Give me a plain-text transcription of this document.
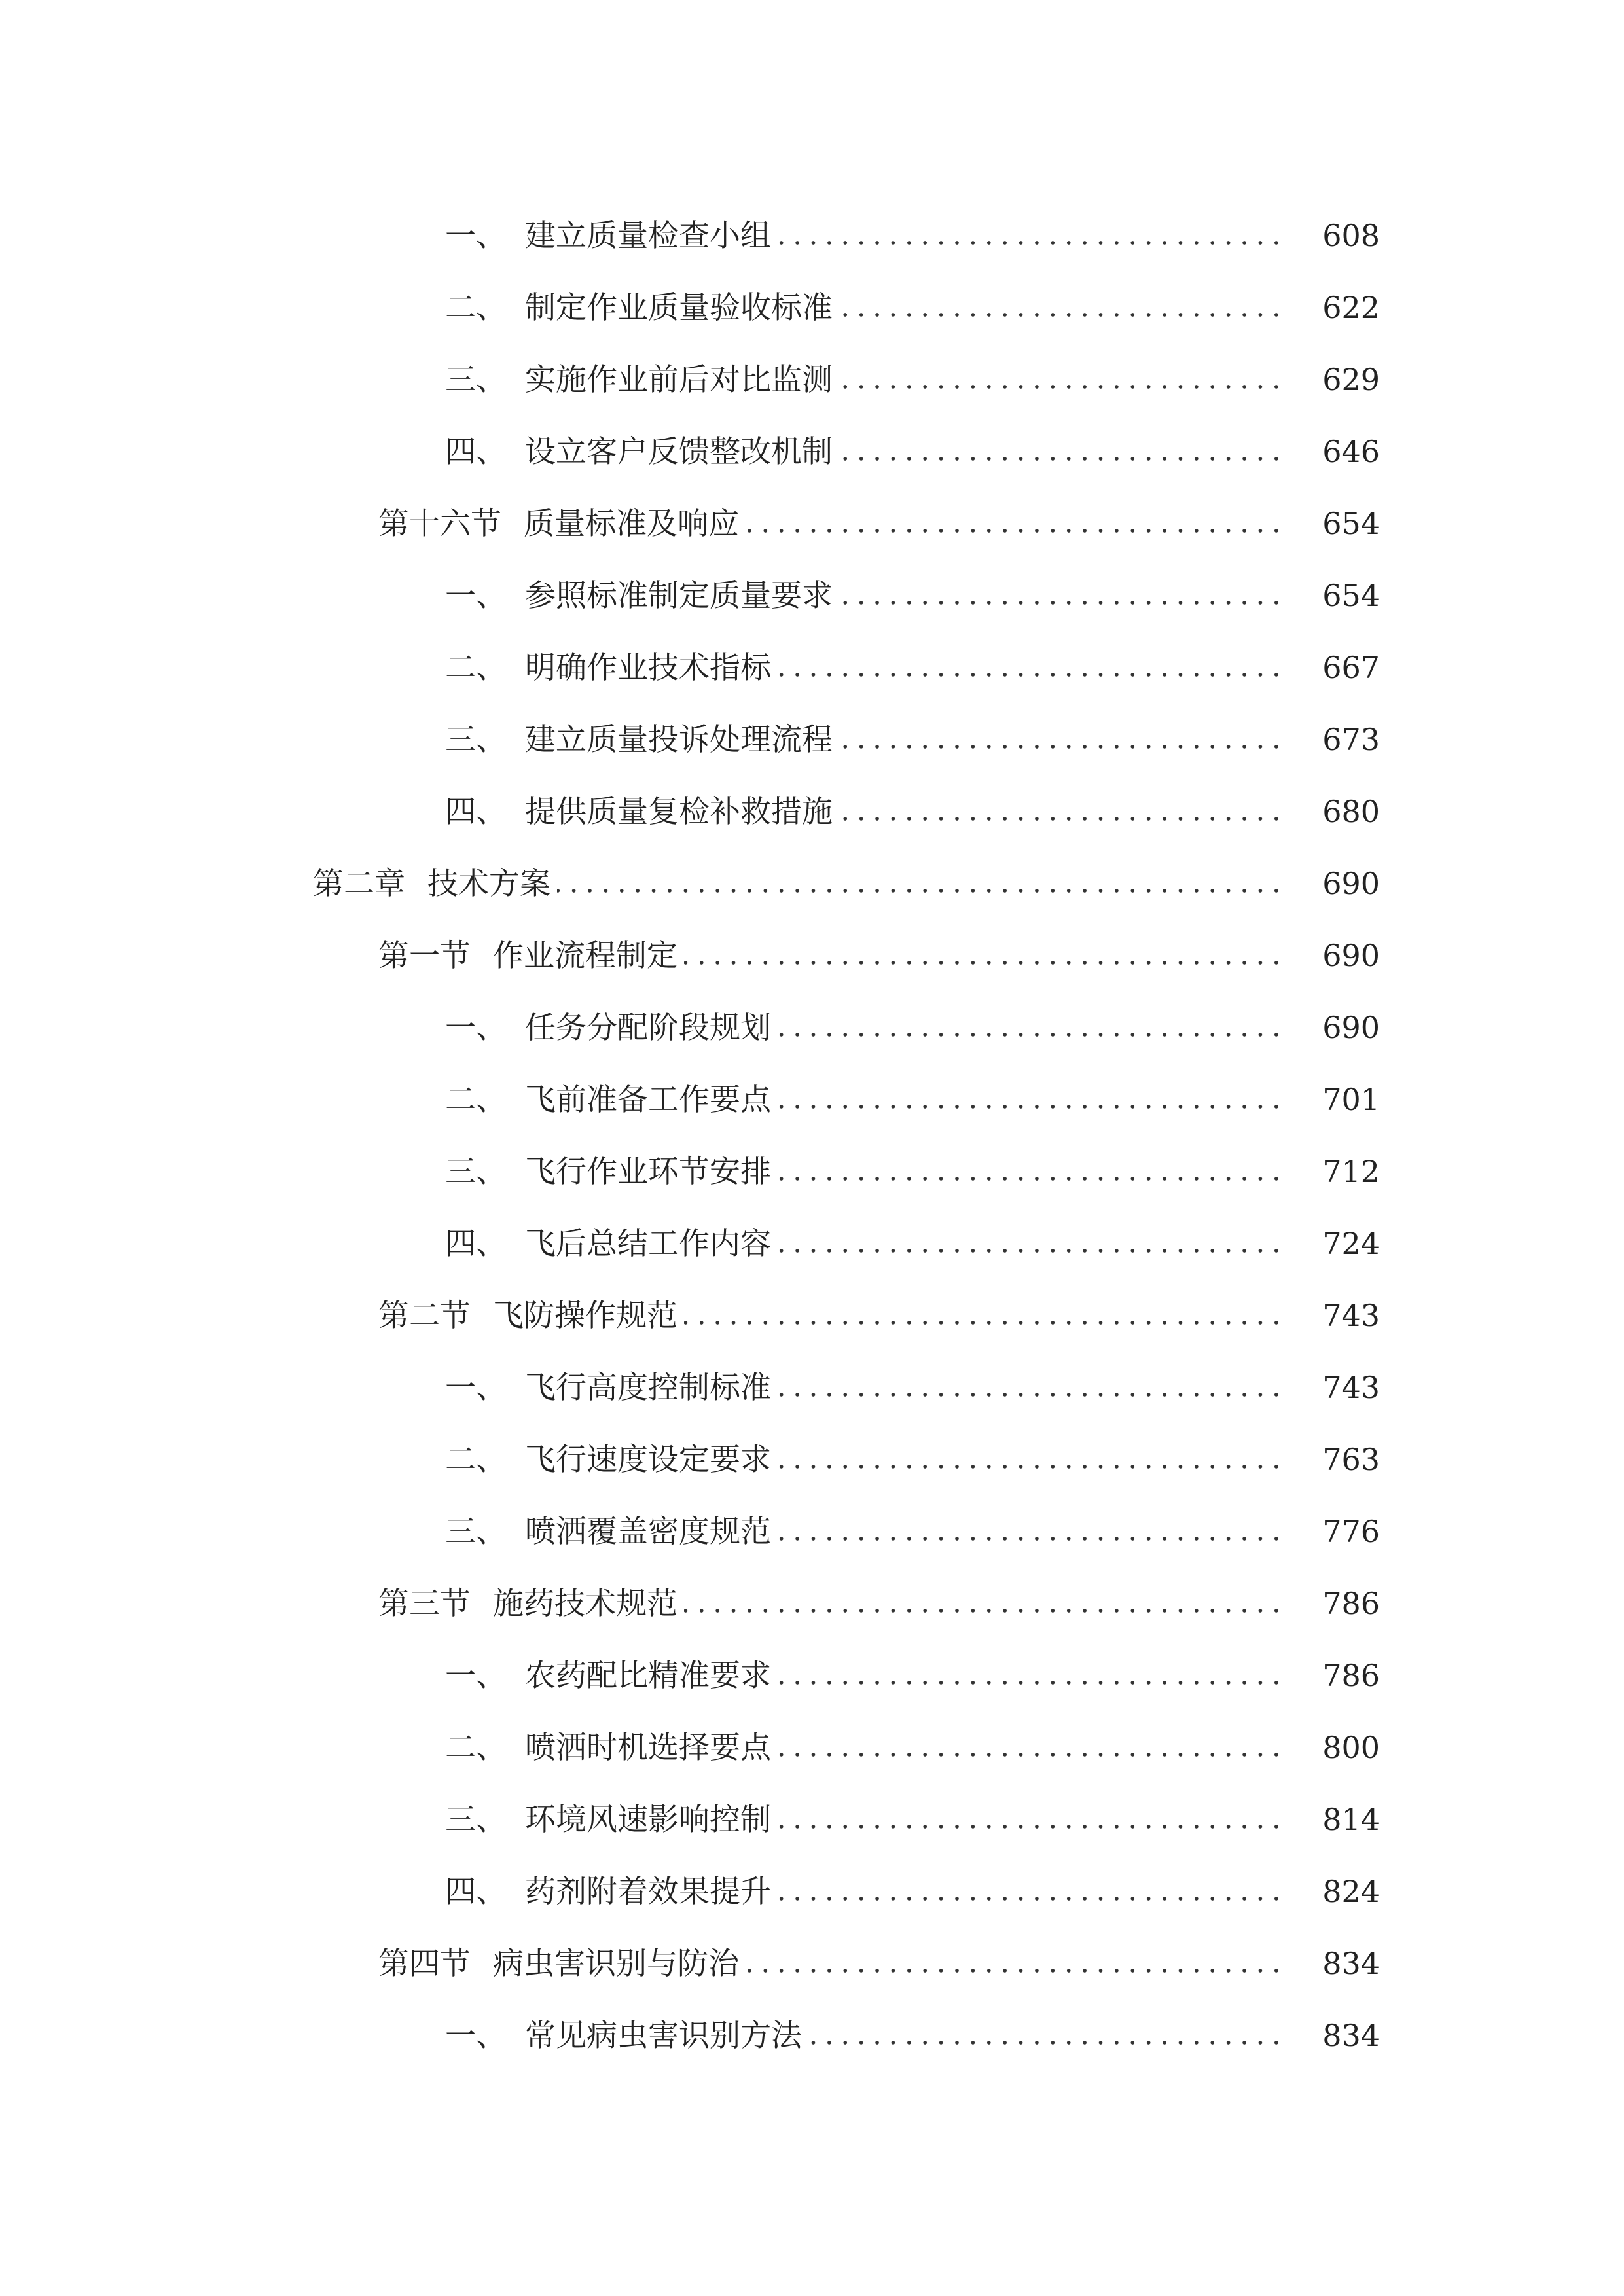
一、 建立质量检查小组	608
二、 制定作业质量验收标准	622
三、 实施作业前后对比监测	629
四、 设立客户反馈整改机制	646
第十六节 质量标准及响应	654
一、 参照标准制定质量要求	654
二、 明确作业技术指标	667
三、 建立质量投诉处理流程	673
四、 提供质量复检补救措施	680
第二章 技术方案	690
第一节 作业流程制定	690
一、 任务分配阶段规划	690
二、 飞前准备工作要点	701
三、 飞行作业环节安排	712
四、 飞后总结工作内容	724
第二节 飞防操作规范	743
一、 飞行高度控制标准	743
二、 飞行速度设定要求	763
三、 喷洒覆盖密度规范	776
第三节 施药技术规范	786
一、 农药配比精准要求	786
二、 喷洒时机选择要点	800
三、 环境风速影响控制	814
四、 药剂附着效果提升	824
第四节 病虫害识别与防治	834
一、 常见病虫害识别方法	834
